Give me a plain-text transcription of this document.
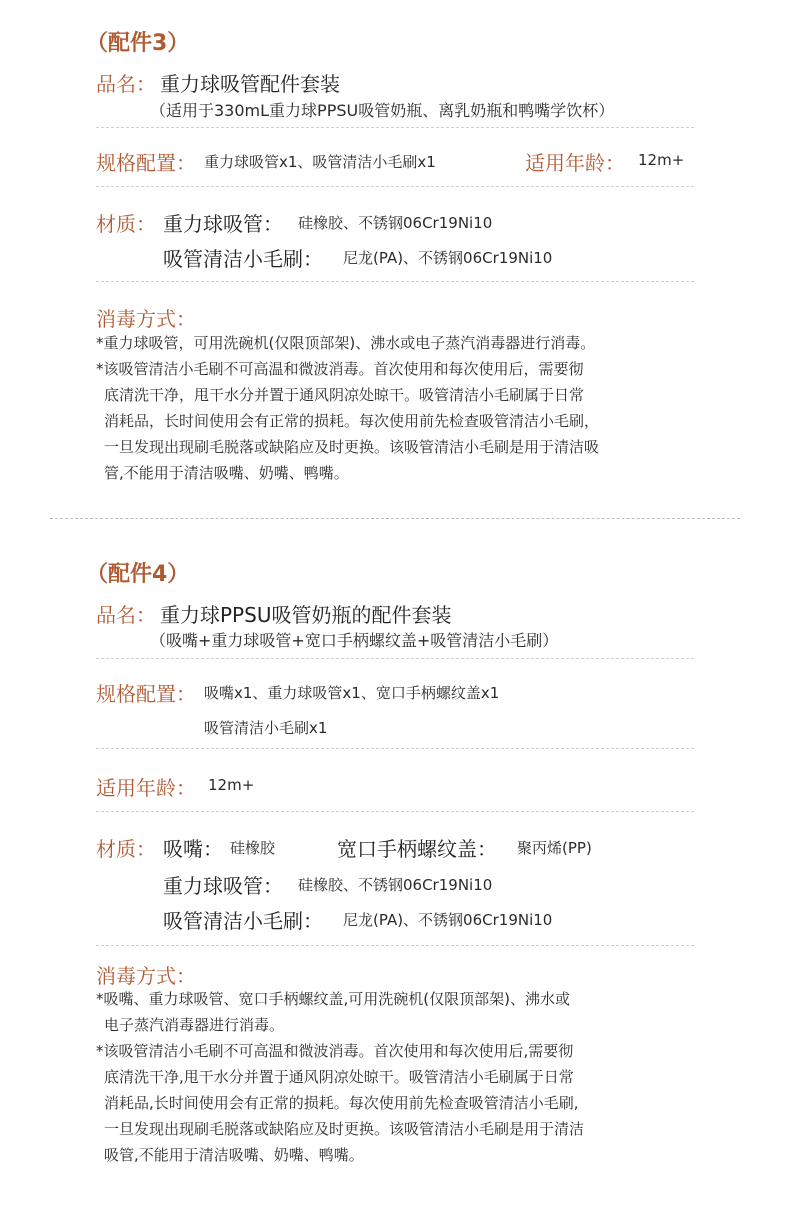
（配件3）
品名： 重力球吸管配件套装
（适用于330mL重力球PPSU吸管奶瓶、离乳奶瓶和鸭嘴学饮杯）
规格配置： 重力球吸管x1、吸管清洁小毛刷x1	适用年龄： 12m+
材质： 重力球吸管： 硅橡胶、不锈钢06Cr19Ni10
吸管清洁小毛刷： 尼龙(PA)、不锈钢06Cr19Ni10
消毒方式：
*重力球吸管，可用洗碗机(仅限顶部架)、沸水或电子蒸汽消毒器进行消毒。
*该吸管清洁小毛刷不可高温和微波消毒。首次使用和每次使用后，需要彻
底清洗干净，甩干水分并置于通风阴凉处晾干。吸管清洁小毛刷属于日常
消耗品，长时间使用会有正常的损耗。每次使用前先检查吸管清洁小毛刷，
一旦发现出现刷毛脱落或缺陷应及时更换。该吸管清洁小毛刷是用于清洁吸
管,不能用于清洁吸嘴、奶嘴、鸭嘴。
（配件4）
品名： 重力球PPSU吸管奶瓶的配件套装
（吸嘴+重力球吸管+宽口手柄螺纹盖+吸管清洁小毛刷）
规格配置： 吸嘴x1、重力球吸管x1、宽口手柄螺纹盖x1
吸管清洁小毛刷x1
适用年龄： 12m+
材质： 吸嘴： 硅橡胶	宽口手柄螺纹盖： 聚丙烯(PP)
重力球吸管： 硅橡胶、不锈钢06Cr19Ni10
吸管清洁小毛刷： 尼龙(PA)、不锈钢06Cr19Ni10
消毒方式：
*吸嘴、重力球吸管、宽口手柄螺纹盖,可用洗碗机(仅限顶部架)、沸水或
电子蒸汽消毒器进行消毒。
*该吸管清洁小毛刷不可高温和微波消毒。首次使用和每次使用后,需要彻
底清洗干净,甩干水分并置于通风阴凉处晾干。吸管清洁小毛刷属于日常
消耗品,长时间使用会有正常的损耗。每次使用前先检查吸管清洁小毛刷,
一旦发现出现刷毛脱落或缺陷应及时更换。该吸管清洁小毛刷是用于清洁
吸管,不能用于清洁吸嘴、奶嘴、鸭嘴。
